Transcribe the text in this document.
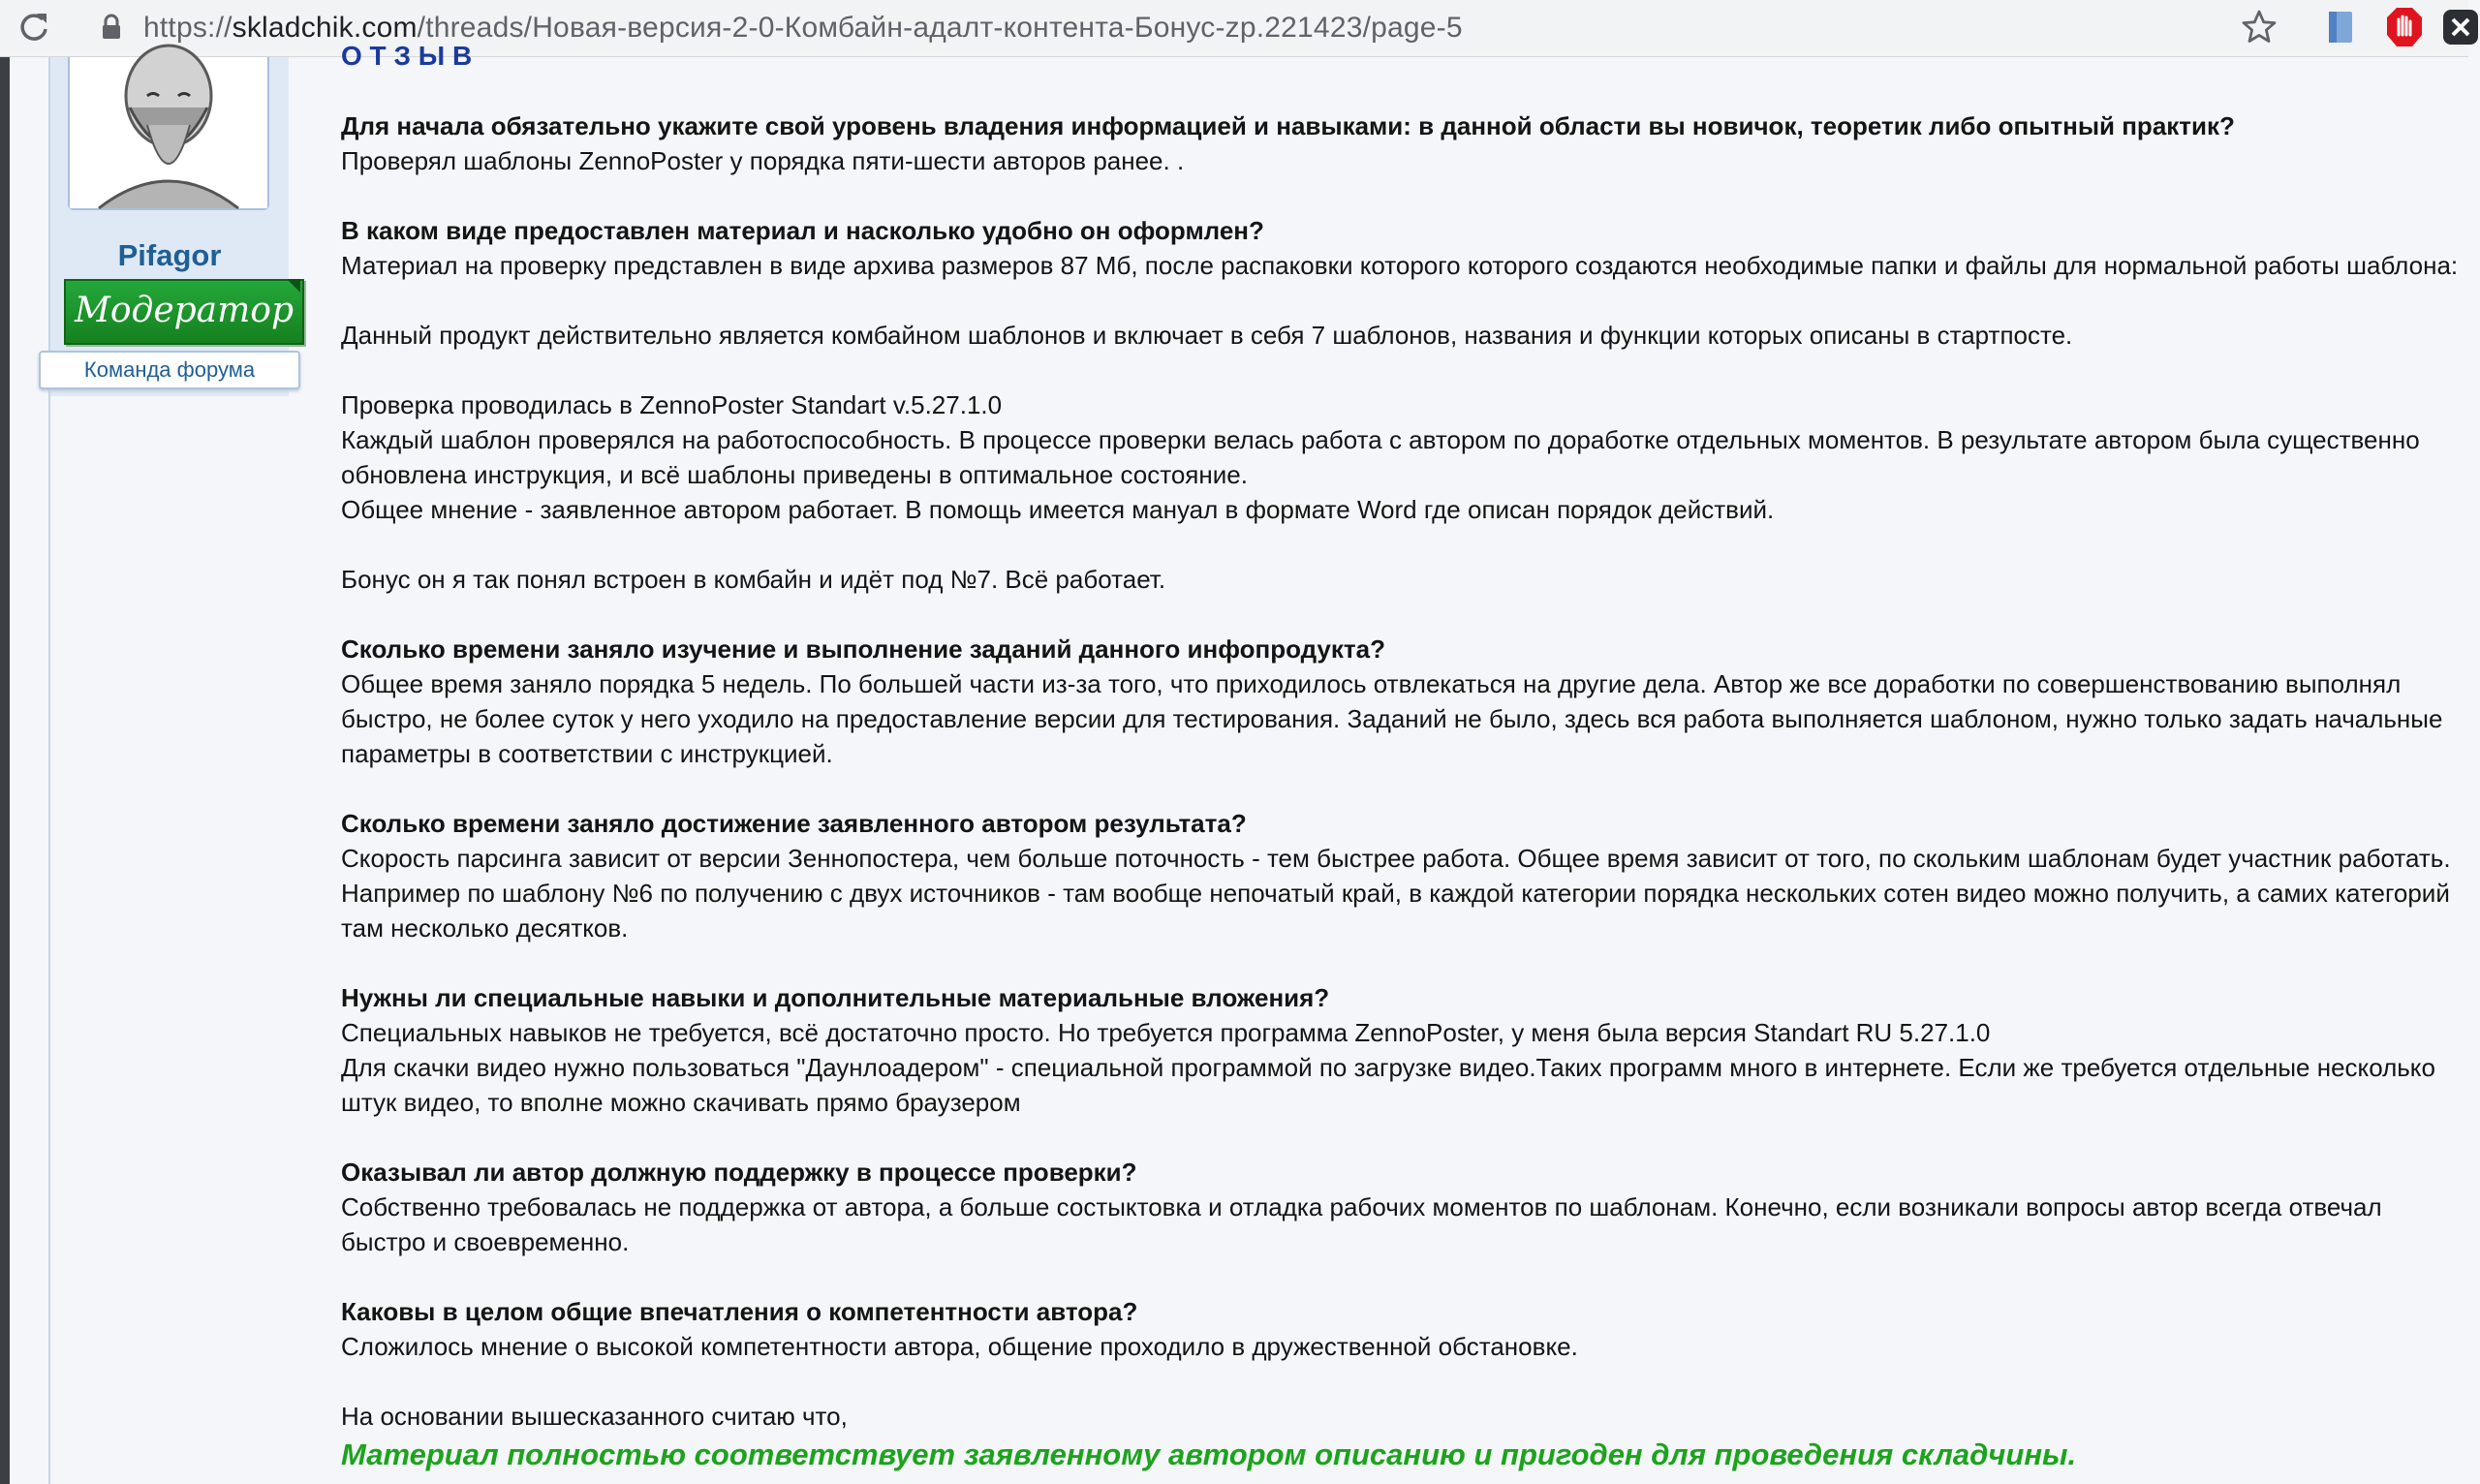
https://skladchik.com/threads/Новая-версия-2-0-Комбайн-адалт-контента-Бонус-zp.221423/page-5
Pifagor
Модератор
Команда форума
О Т З Ы В
Для начала обязательно укажите свой уровень владения информацией и навыками: в данной области вы новичок, теоретик либо опытный практик?
Проверял шаблоны ZennoPoster у порядка пяти-шести авторов ранее. .
В каком виде предоставлен материал и насколько удобно он оформлен?
Материал на проверку представлен в виде архива размеров 87 Мб, после распаковки которого которого создаются необходимые папки и файлы для нормальной работы шаблона:
Данный продукт действительно является комбайном шаблонов и включает в себя 7 шаблонов, названия и функции которых описаны в стартпосте.
Проверка проводилась в ZennoPoster Standart v.5.27.1.0
Каждый шаблон проверялся на работоспособность. В процессе проверки велась работа с автором по доработке отдельных моментов. В результате автором была существенно
обновлена инструкция, и всё шаблоны приведены в оптимальное состояние.
Общее мнение - заявленное автором работает. В помощь имеется мануал в формате Word где описан порядок действий.
Бонус он я так понял встроен в комбайн и идёт под №7. Всё работает.
Сколько времени заняло изучение и выполнение заданий данного инфопродукта?
Общее время заняло порядка 5 недель. По большей части из-за того, что приходилось отвлекаться на другие дела. Автор же все доработки по совершенствованию выполнял
быстро, не более суток у него уходило на предоставление версии для тестирования. Заданий не было, здесь вся работа выполняется шаблоном, нужно только задать начальные
параметры в соответствии с инструкцией.
Сколько времени заняло достижение заявленного автором результата?
Скорость парсинга зависит от версии Зеннопостера, чем больше поточность - тем быстрее работа. Общее время зависит от того, по скольким шаблонам будет участник работать.
Например по шаблону №6 по получению с двух источников - там вообще непочатый край, в каждой категории порядка нескольких сотен видео можно получить, а самих категорий
там несколько десятков.
Нужны ли специальные навыки и дополнительные материальные вложения?
Специальных навыков не требуется, всё достаточно просто. Но требуется программа ZennoPoster, у меня была версия Standart RU 5.27.1.0
Для скачки видео нужно пользоваться "Даунлоадером" - специальной программой по загрузке видео.Таких программ много в интернете. Если же требуется отдельные несколько
штук видео, то вполне можно скачивать прямо браузером
Оказывал ли автор должную поддержку в процессе проверки?
Собственно требовалась не поддержка от автора, а больше состыктовка и отладка рабочих моментов по шаблонам. Конечно, если возникали вопросы автор всегда отвечал
быстро и своевременно.
Каковы в целом общие впечатления о компетентности автора?
Сложилось мнение о высокой компетентности автора, общение проходило в дружественной обстановке.
На основании вышесказанного считаю что,
Материал полностью соответствует заявленному автором описанию и пригоден для проведения складчины.
